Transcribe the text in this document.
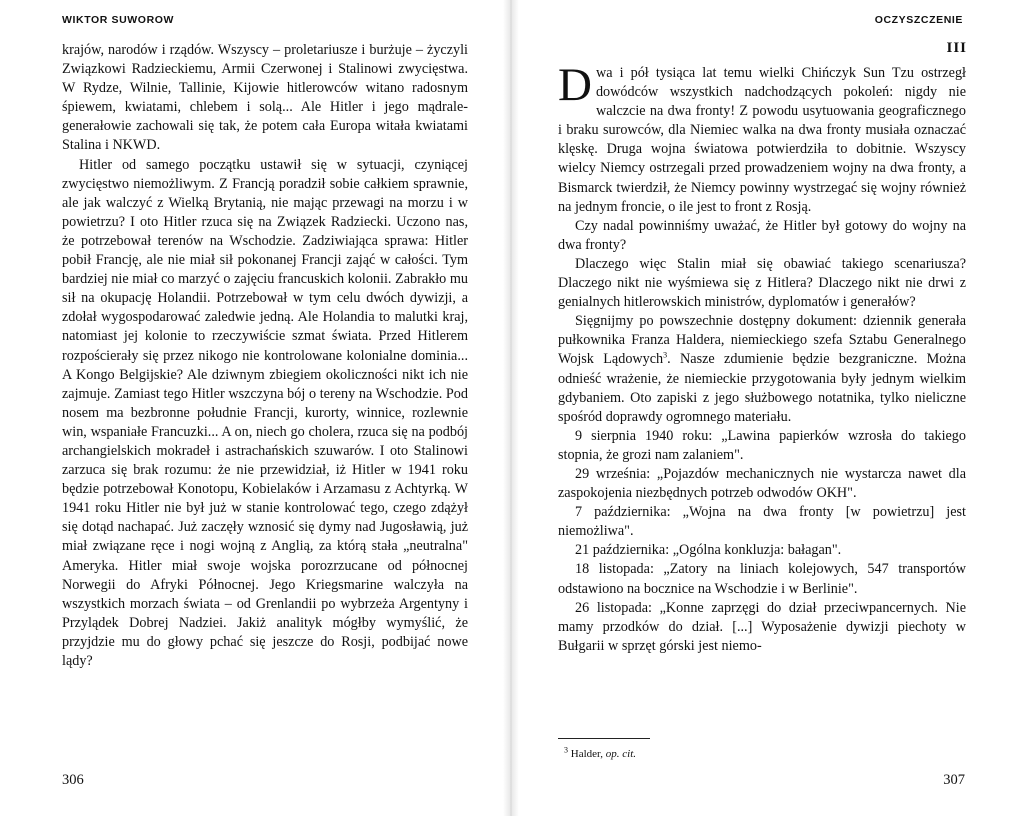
WIKTOR SUWOROW

krajów, narodów i rządów. Wszyscy – proletariusze i burżuje – życzyli Związkowi Radzieckiemu, Armii Czerwonej i Stalinowi zwycięstwa. W Rydze, Wilnie, Tallinie, Kijowie hitlerowców witano radosnym śpiewem, kwiatami, chlebem i solą... Ale Hitler i jego mądrale-generałowie zachowali się tak, że potem cała Europa witała kwiatami Stalina i NKWD.

Hitler od samego początku ustawił się w sytuacji, czyniącej zwycięstwo niemożliwym. Z Francją poradził sobie całkiem sprawnie, ale jak walczyć z Wielką Brytanią, nie mając przewagi na morzu i w powietrzu? I oto Hitler rzuca się na Związek Radziecki. Uczono nas, że potrzebował terenów na Wschodzie. Zadziwiająca sprawa: Hitler pobił Francję, ale nie miał sił pokonanej Francji zająć w całości. Tym bardziej nie miał co marzyć o zajęciu francuskich kolonii. Zabrakło mu sił na okupację Holandii. Potrzebował w tym celu dwóch dywizji, a zdołał wygospodarować zaledwie jedną. Ale Holandia to malutki kraj, natomiast jej kolonie to rzeczywiście szmat świata. Przed Hitlerem rozpościerały się przez nikogo nie kontrolowane kolonialne dominia... A Kongo Belgijskie? Ale dziwnym zbiegiem okoliczności nikt ich nie zajmuje. Zamiast tego Hitler wszczyna bój o tereny na Wschodzie. Pod nosem ma bezbronne południe Francji, kurorty, winnice, rozlewnie win, wspaniałe Francuzki... A on, niech go cholera, rzuca się na podbój archangielskich mokradeł i astrachańskich szuwarów. I oto Stalinowi zarzuca się brak rozumu: że nie przewidział, iż Hitler w 1941 roku będzie potrzebował Konotopu, Kobielaków i Arzamasu z Achtyrką. W 1941 roku Hitler nie był już w stanie kontrolować tego, czego zdążył się dotąd nachapać. Już zaczęły wznosić się dymy nad Jugosławią, już miał związane ręce i nogi wojną z Anglią, za którą stała „neutralna" Ameryka. Hitler miał swoje wojska porozrzucane od północnej Norwegii do Afryki Północnej. Jego Kriegsmarine walczyła na wszystkich morzach świata – od Grenlandii po wybrzeża Argentyny i Przylądek Dobrej Nadziei. Jakiż analityk mógłby wymyślić, że przyjdzie mu do głowy pchać się jeszcze do Rosji, podbijać nowe lądy?

306
OCZYSZCZENIE
III

Dwa i pół tysiąca lat temu wielki Chińczyk Sun Tzu ostrzegł dowódców wszystkich nadchodzących pokoleń: nigdy nie walczcie na dwa fronty! Z powodu usytuowania geograficznego i braku surowców, dla Niemiec walka na dwa fronty musiała oznaczać klęskę. Druga wojna światowa potwierdziła to dobitnie. Wszyscy wielcy Niemcy ostrzegali przed prowadzeniem wojny na dwa fronty, a Bismarck twierdził, że Niemcy powinny wystrzegać się wojny również na jednym froncie, o ile jest to front z Rosją.

Czy nadal powinniśmy uważać, że Hitler był gotowy do wojny na dwa fronty?

Dlaczego więc Stalin miał się obawiać takiego scenariusza? Dlaczego nikt nie wyśmiewa się z Hitlera? Dlaczego nikt nie drwi z genialnych hitlerowskich ministrów, dyplomatów i generałów?

Sięgnijmy po powszechnie dostępny dokument: dziennik generała pułkownika Franza Haldera, niemieckiego szefa Sztabu Generalnego Wojsk Lądowych$^3$. Nasze zdumienie będzie bezgraniczne. Można odnieść wrażenie, że niemieckie przygotowania były jednym wielkim gdybaniem. Oto zapiski z jego służbowego notatnika, tylko nieliczne spośród doprawdy ogromnego materiału.

9 sierpnia 1940 roku: „Lawina papierków wzrosła do takiego stopnia, że grozi nam zalaniem".

29 września: „Pojazdów mechanicznych nie wystarcza nawet dla zaspokojenia niezbędnych potrzeb odwodów OKH".

7 października: „Wojna na dwa fronty [w powietrzu] jest niemożliwa".

21 października: „Ogólna konkluzja: bałagan".

18 listopada: „Zatory na liniach kolejowych, 547 transportów odstawiono na bocznice na Wschodzie i w Berlinie".

26 listopada: „Konne zaprzęgi do dział przeciwpancernych. Nie mamy przodków do dział. [...] Wyposażenie dywizji piechoty w Bułgarii w sprzęt górski jest niemo-

$^3$ Halder, op. cit.
307
